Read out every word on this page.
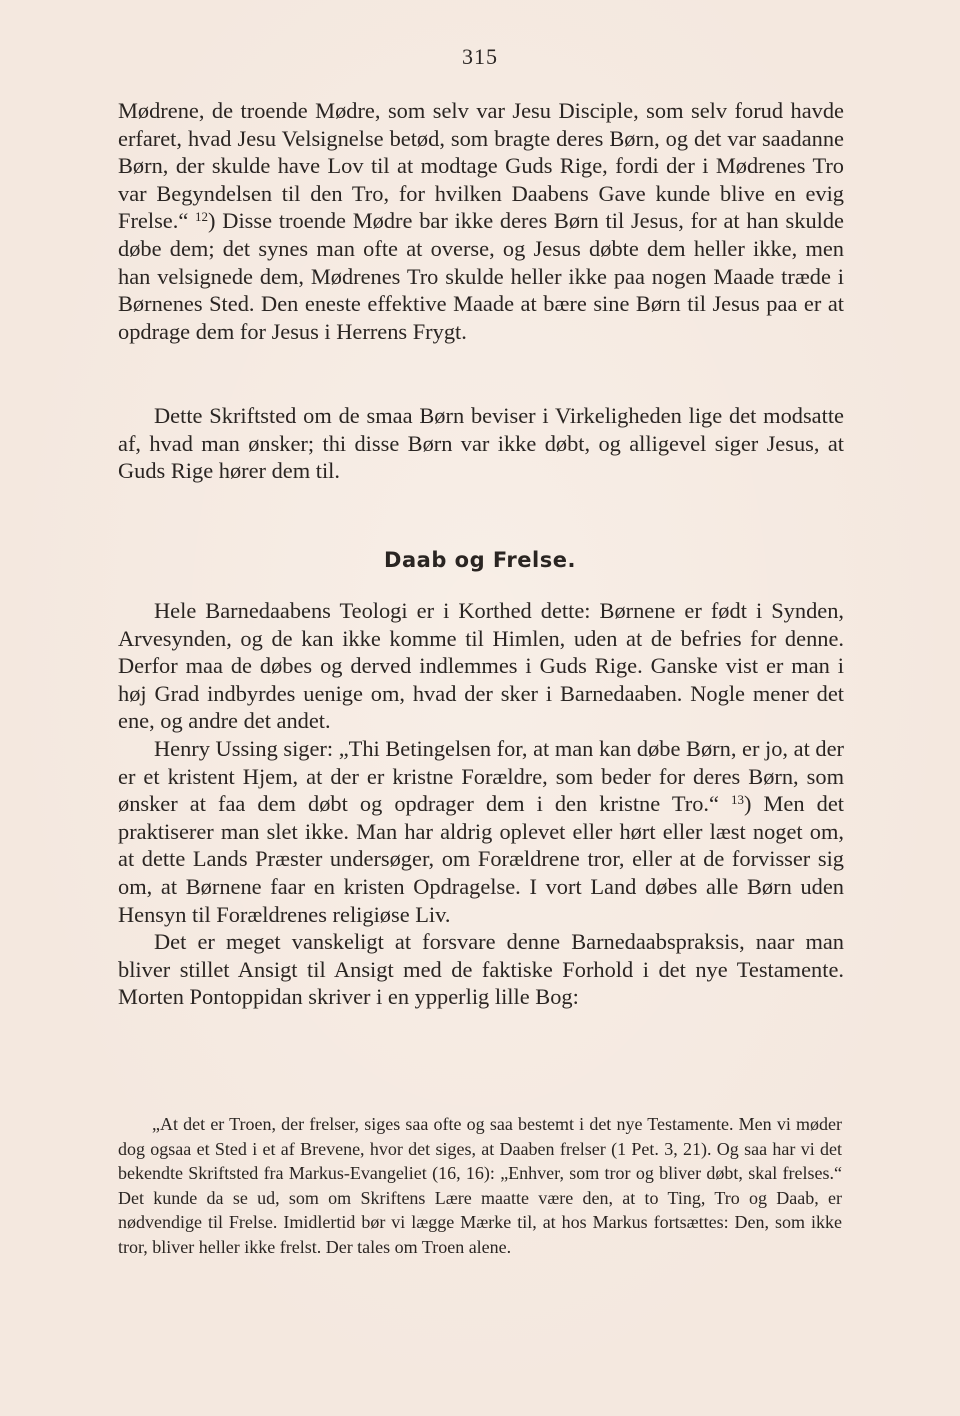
315

Mødrene, de troende Mødre, som selv var Jesu Disciple, som selv forud havde erfaret, hvad Jesu Velsignelse betød, som bragte deres Børn, og det var saadanne Børn, der skulde have Lov til at modtage Guds Rige, fordi der i Mødrenes Tro var Begyndelsen til den Tro, for hvilken Daabens Gave kunde blive en evig Frelse.“ $^{12}$) Disse troende Mødre bar ikke deres Børn til Jesus, for at han skulde døbe dem; det synes man ofte at overse, og Jesus døbte dem heller ikke, men han velsignede dem, Mødrenes Tro skulde heller ikke paa nogen Maade træde i Børnenes Sted. Den eneste effektive Maade at bære sine Børn til Jesus paa er at opdrage dem for Jesus i Herrens Frygt.

Dette Skriftsted om de smaa Børn beviser i Virkeligheden lige det modsatte af, hvad man ønsker; thi disse Børn var ikke døbt, og alligevel siger Jesus, at Guds Rige hører dem til.

Daab og Frelse.

Hele Barnedaabens Teologi er i Korthed dette: Børnene er født i Synden, Arvesynden, og de kan ikke komme til Himlen, uden at de befries for denne. Derfor maa de døbes og derved indlemmes i Guds Rige. Ganske vist er man i høj Grad indbyrdes uenige om, hvad der sker i Barnedaaben. Nogle mener det ene, og andre det andet.

Henry Ussing siger: „Thi Betingelsen for, at man kan døbe Børn, er jo, at der er et kristent Hjem, at der er kristne Forældre, som beder for deres Børn, som ønsker at faa dem døbt og opdrager dem i den kristne Tro.“ $^{13}$) Men det praktiserer man slet ikke. Man har aldrig oplevet eller hørt eller læst noget om, at dette Lands Præster undersøger, om Forældrene tror, eller at de forvisser sig om, at Børnene faar en kristen Opdragelse. I vort Land døbes alle Børn uden Hensyn til Forældrenes religiøse Liv.

Det er meget vanskeligt at forsvare denne Barnedaabspraksis, naar man bliver stillet Ansigt til Ansigt med de faktiske Forhold i det nye Testamente. Morten Pontoppidan skriver i en ypperlig lille Bog:

„At det er Troen, der frelser, siges saa ofte og saa bestemt i det nye Testamente. Men vi møder dog ogsaa et Sted i et af Brevene, hvor det siges, at Daaben frelser (1 Pet. 3, 21). Og saa har vi det bekendte Skriftsted fra Markus-Evangeliet (16, 16): „Enhver, som tror og bliver døbt, skal frelses.“ Det kunde da se ud, som om Skriftens Lære maatte være den, at to Ting, Tro og Daab, er nødvendige til Frelse. Imidlertid bør vi lægge Mærke til, at hos Markus fortsættes: Den, som ikke tror, bliver heller ikke frelst. Der tales om Troen alene.
